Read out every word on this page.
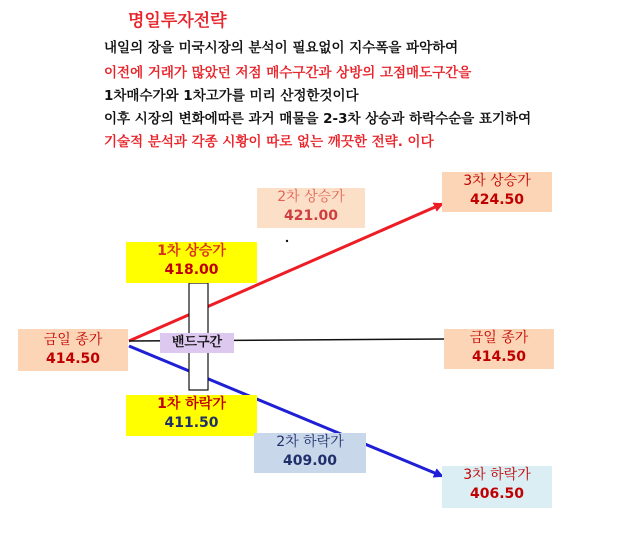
명일투자전략
내일의 장을 미국시장의 분석이 필요없이 지수폭을 파악하여
이전에 거래가 많았던 저점 매수구간과 상방의 고점매도구간을
1차매수가와 1차고가를 미리 산정한것이다
이후 시장의 변화에따른 과거 매물을 2-3차 상승과 하락수순을 표기하여
기술적 분석과 각종 시황이 따로 없는 깨끗한 전략. 이다
금일 종가
414.50
1차 상승가
418.00
2차 상승가
421.00
3차 상승가
424.50
밴드구간	금일 종가
414.50
1차 하락가
411.50
2차 하락가
409.00
3차 하락가
406.50
